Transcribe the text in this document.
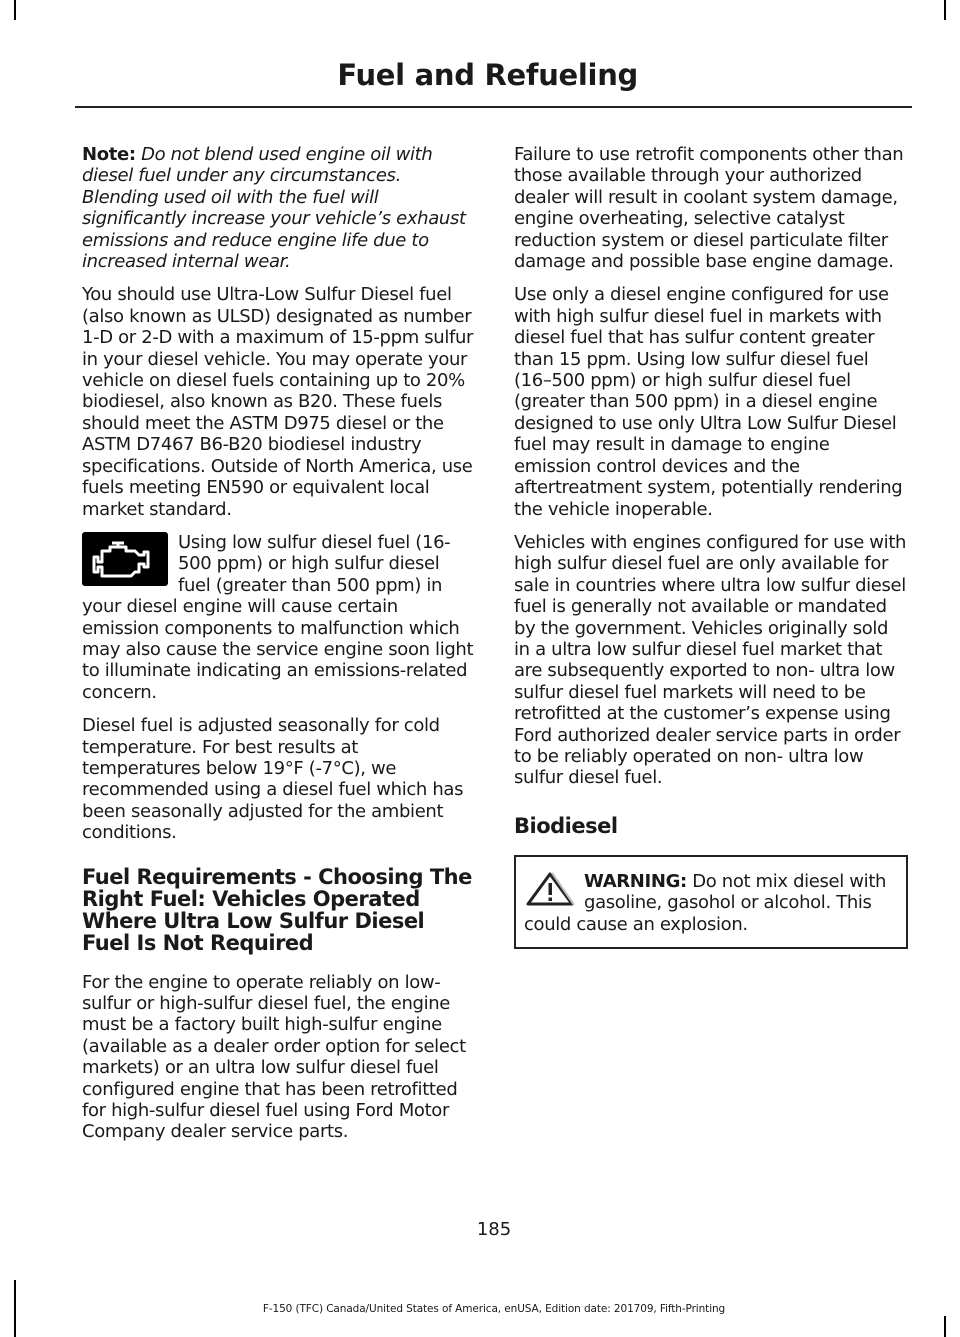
Fuel and Refueling

Note: Do not blend used engine oil with diesel fuel under any circumstances. Blending used oil with the fuel will significantly increase your vehicle’s exhaust emissions and reduce engine life due to increased internal wear.

You should use Ultra-Low Sulfur Diesel fuel (also known as ULSD) designated as number 1-D or 2-D with a maximum of 15-ppm sulfur in your diesel vehicle. You may operate your vehicle on diesel fuels containing up to 20% biodiesel, also known as B20. These fuels should meet the ASTM D975 diesel or the ASTM D7467 B6-B20 biodiesel industry specifications. Outside of North America, use fuels meeting EN590 or equivalent local market standard.

Using low sulfur diesel fuel (16-500 ppm) or high sulfur diesel fuel (greater than 500 ppm) in your diesel engine will cause certain emission components to malfunction which may also cause the service engine soon light to illuminate indicating an emissions-related concern.

Diesel fuel is adjusted seasonally for cold temperature. For best results at temperatures below 19°F (-7°C), we recommended using a diesel fuel which has been seasonally adjusted for the ambient conditions.

Fuel Requirements - Choosing The Right Fuel: Vehicles Operated Where Ultra Low Sulfur Diesel Fuel Is Not Required

For the engine to operate reliably on low-sulfur or high-sulfur diesel fuel, the engine must be a factory built high-sulfur engine (available as a dealer order option for select markets) or an ultra low sulfur diesel fuel configured engine that has been retrofitted for high-sulfur diesel fuel using Ford Motor Company dealer service parts.

Failure to use retrofit components other than those available through your authorized dealer will result in coolant system damage, engine overheating, selective catalyst reduction system or diesel particulate filter damage and possible base engine damage.

Use only a diesel engine configured for use with high sulfur diesel fuel in markets with diesel fuel that has sulfur content greater than 15 ppm. Using low sulfur diesel fuel (16–500 ppm) or high sulfur diesel fuel (greater than 500 ppm) in a diesel engine designed to use only Ultra Low Sulfur Diesel fuel may result in damage to engine emission control devices and the aftertreatment system, potentially rendering the vehicle inoperable.

Vehicles with engines configured for use with high sulfur diesel fuel are only available for sale in countries where ultra low sulfur diesel fuel is generally not available or mandated by the government. Vehicles originally sold in a ultra low sulfur diesel fuel market that are subsequently exported to non- ultra low sulfur diesel fuel markets will need to be retrofitted at the customer’s expense using Ford authorized dealer service parts in order to be reliably operated on non- ultra low sulfur diesel fuel.

Biodiesel
WARNING: Do not mix diesel with gasoline, gasohol or alcohol. This could cause an explosion.
185
F-150 (TFC) Canada/United States of America, enUSA, Edition date: 201709, Fifth-Printing
